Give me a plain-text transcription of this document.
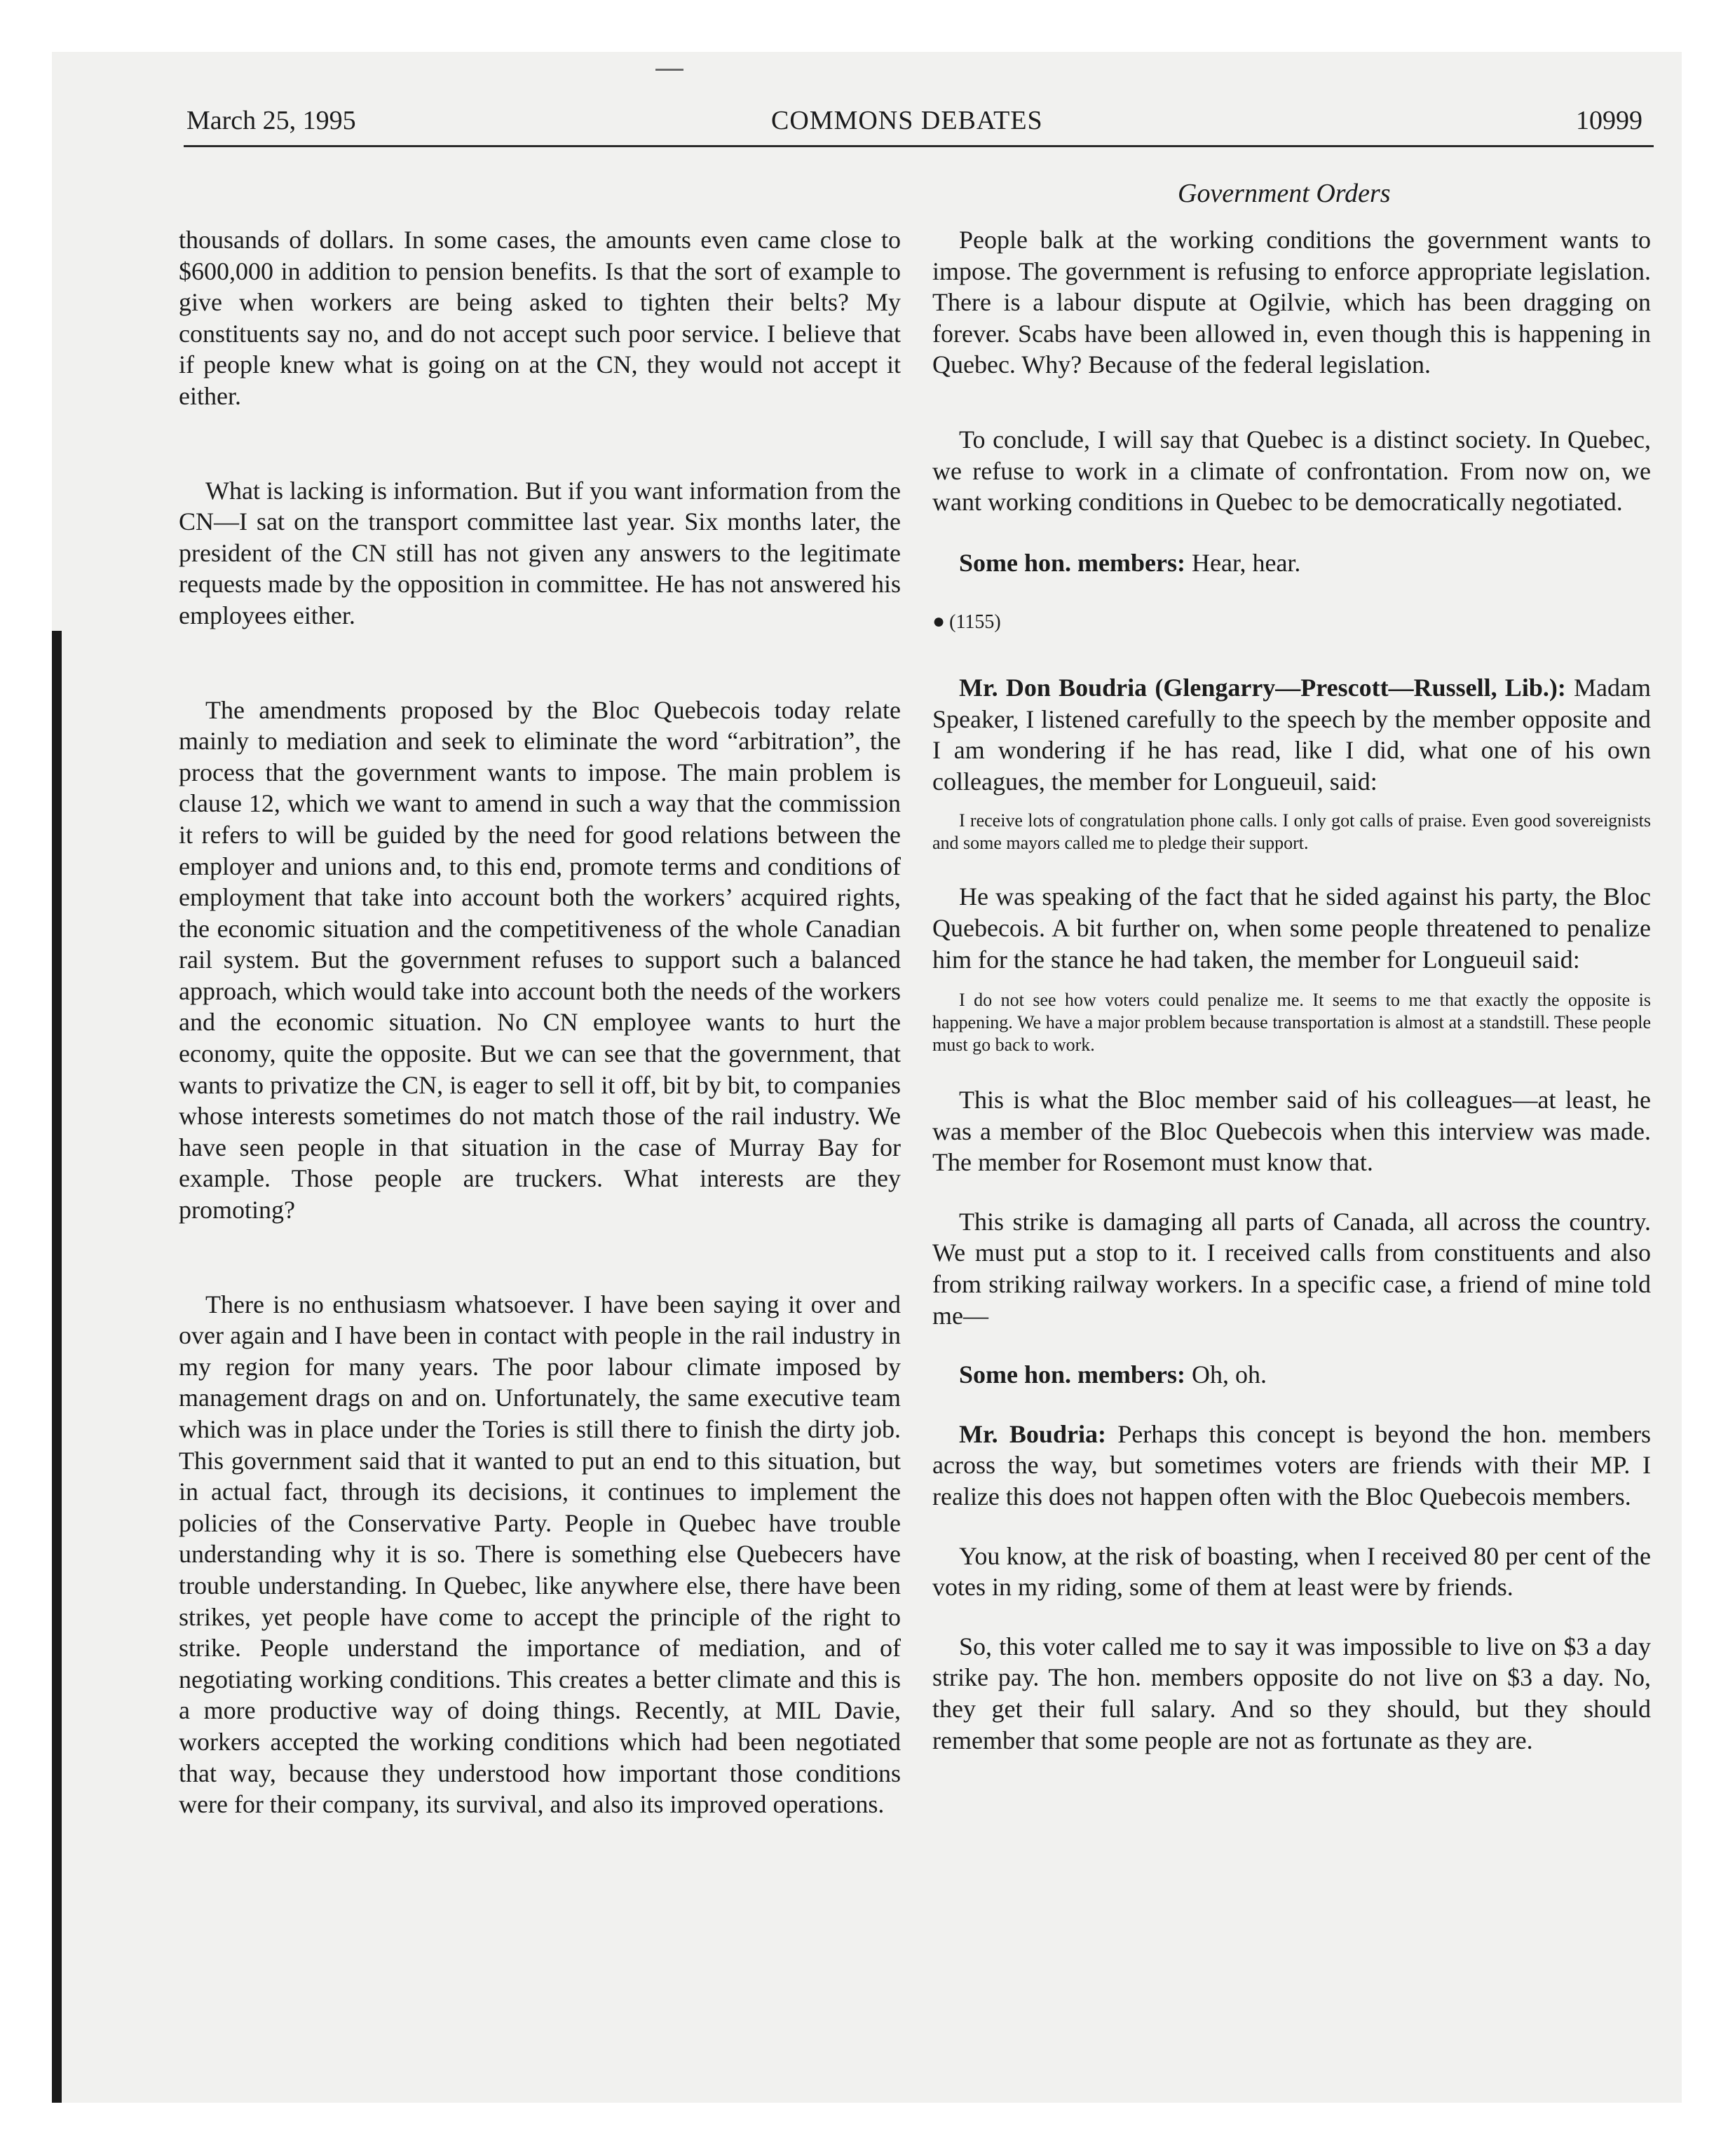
March 25, 1995	COMMONS DEBATES	10999
Government Orders

thousands of dollars. In some cases, the amounts even came close to $600,000 in addition to pension benefits. Is that the sort of example to give when workers are being asked to tighten their belts? My constituents say no, and do not accept such poor service. I believe that if people knew what is going on at the CN, they would not accept it either.

What is lacking is information. But if you want information from the CN—I sat on the transport committee last year. Six months later, the president of the CN still has not given any answers to the legitimate requests made by the opposition in committee. He has not answered his employees either.

The amendments proposed by the Bloc Quebecois today relate mainly to mediation and seek to eliminate the word “arbitration”, the process that the government wants to impose. The main problem is clause 12, which we want to amend in such a way that the commission it refers to will be guided by the need for good relations between the employer and unions and, to this end, promote terms and conditions of employment that take into account both the workers’ acquired rights, the economic situation and the competitiveness of the whole Canadian rail system. But the government refuses to support such a balanced approach, which would take into account both the needs of the workers and the economic situation. No CN employee wants to hurt the economy, quite the opposite. But we can see that the government, that wants to privatize the CN, is eager to sell it off, bit by bit, to companies whose interests sometimes do not match those of the rail industry. We have seen people in that situation in the case of Murray Bay for example. Those people are truckers. What interests are they promoting?

There is no enthusiasm whatsoever. I have been saying it over and over again and I have been in contact with people in the rail industry in my region for many years. The poor labour climate imposed by management drags on and on. Unfortunately, the same executive team which was in place under the Tories is still there to finish the dirty job. This government said that it wanted to put an end to this situation, but in actual fact, through its decisions, it continues to implement the policies of the Conservative Party. People in Quebec have trouble understanding why it is so. There is something else Quebecers have trouble understanding. In Quebec, like anywhere else, there have been strikes, yet people have come to accept the principle of the right to strike. People understand the importance of mediation, and of negotiating working conditions. This creates a better climate and this is a more productive way of doing things. Recently, at MIL Davie, workers accepted the working conditions which had been negotiated that way, because they understood how important those conditions were for their company, its survival, and also its improved operations.

People balk at the working conditions the government wants to impose. The government is refusing to enforce appropriate legislation. There is a labour dispute at Ogilvie, which has been dragging on forever. Scabs have been allowed in, even though this is happening in Quebec. Why? Because of the federal legislation.

To conclude, I will say that Quebec is a distinct society. In Quebec, we refuse to work in a climate of confrontation. From now on, we want working conditions in Quebec to be democratically negotiated.

Some hon. members: Hear, hear.

● (1155)

Mr. Don Boudria (Glengarry—Prescott—Russell, Lib.): Madam Speaker, I listened carefully to the speech by the member opposite and I am wondering if he has read, like I did, what one of his own colleagues, the member for Longueuil, said:

I receive lots of congratulation phone calls. I only got calls of praise. Even good sovereignists and some mayors called me to pledge their support.

He was speaking of the fact that he sided against his party, the Bloc Quebecois. A bit further on, when some people threatened to penalize him for the stance he had taken, the member for Longueuil said:

I do not see how voters could penalize me. It seems to me that exactly the opposite is happening. We have a major problem because transportation is almost at a standstill. These people must go back to work.

This is what the Bloc member said of his colleagues—at least, he was a member of the Bloc Quebecois when this interview was made. The member for Rosemont must know that.

This strike is damaging all parts of Canada, all across the country. We must put a stop to it. I received calls from constituents and also from striking railway workers. In a specific case, a friend of mine told me—

Some hon. members: Oh, oh.

Mr. Boudria: Perhaps this concept is beyond the hon. members across the way, but sometimes voters are friends with their MP. I realize this does not happen often with the Bloc Quebecois members.

You know, at the risk of boasting, when I received 80 per cent of the votes in my riding, some of them at least were by friends.

So, this voter called me to say it was impossible to live on $3 a day strike pay. The hon. members opposite do not live on $3 a day. No, they get their full salary. And so they should, but they should remember that some people are not as fortunate as they are.
